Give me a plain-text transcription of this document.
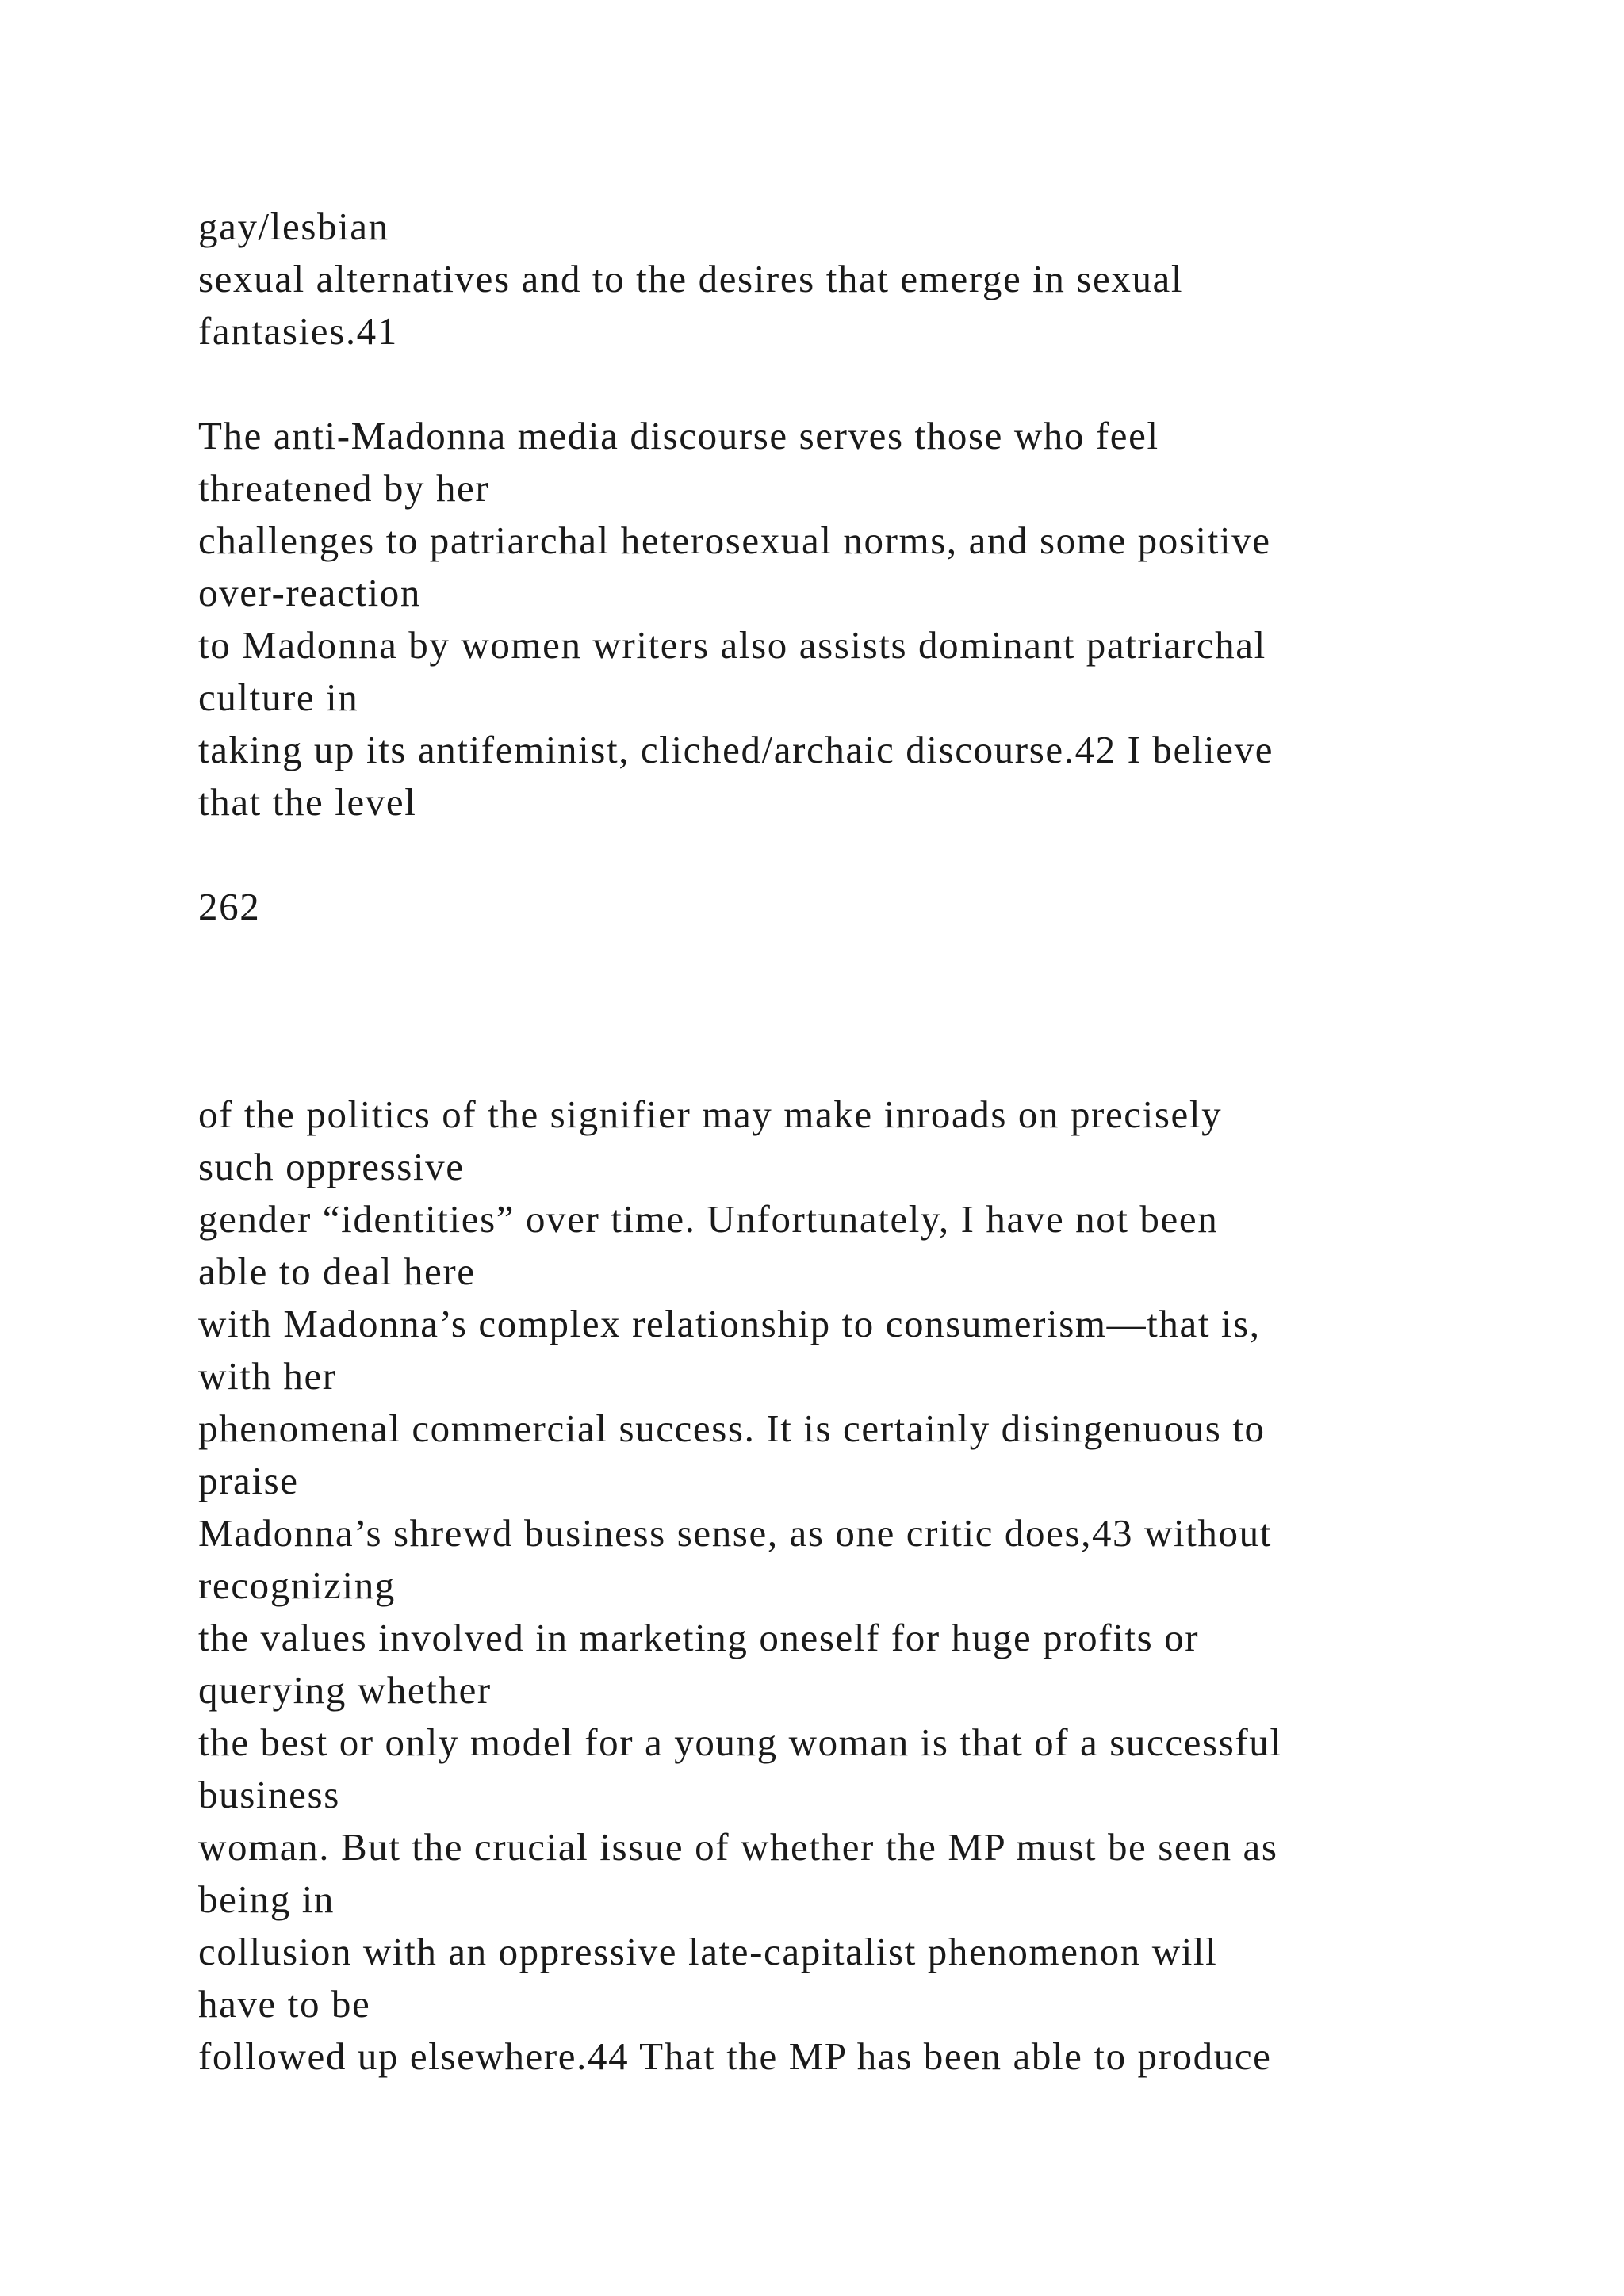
gay/lesbian

sexual alternatives and to the desires that emerge in sexual

fantasies.41

The anti-Madonna media discourse serves those who feel

threatened by her

challenges to patriarchal heterosexual norms, and some positive

over-reaction

to Madonna by women writers also assists dominant patriarchal

culture in

taking up its antifeminist, cliched/archaic discourse.42 I believe

that the level

262

of the politics of the signifier may make inroads on precisely

such oppressive

gender “identities” over time. Unfortunately, I have not been

able to deal here

with Madonna’s complex relationship to consumerism—that is,

with her

phenomenal commercial success. It is certainly disingenuous to

praise

Madonna’s shrewd business sense, as one critic does,43 without

recognizing

the values involved in marketing oneself for huge profits or

querying whether

the best or only model for a young woman is that of a successful

business

woman. But the crucial issue of whether the MP must be seen as

being in

collusion with an oppressive late-capitalist phenomenon will

have to be

followed up elsewhere.44 That the MP has been able to produce
